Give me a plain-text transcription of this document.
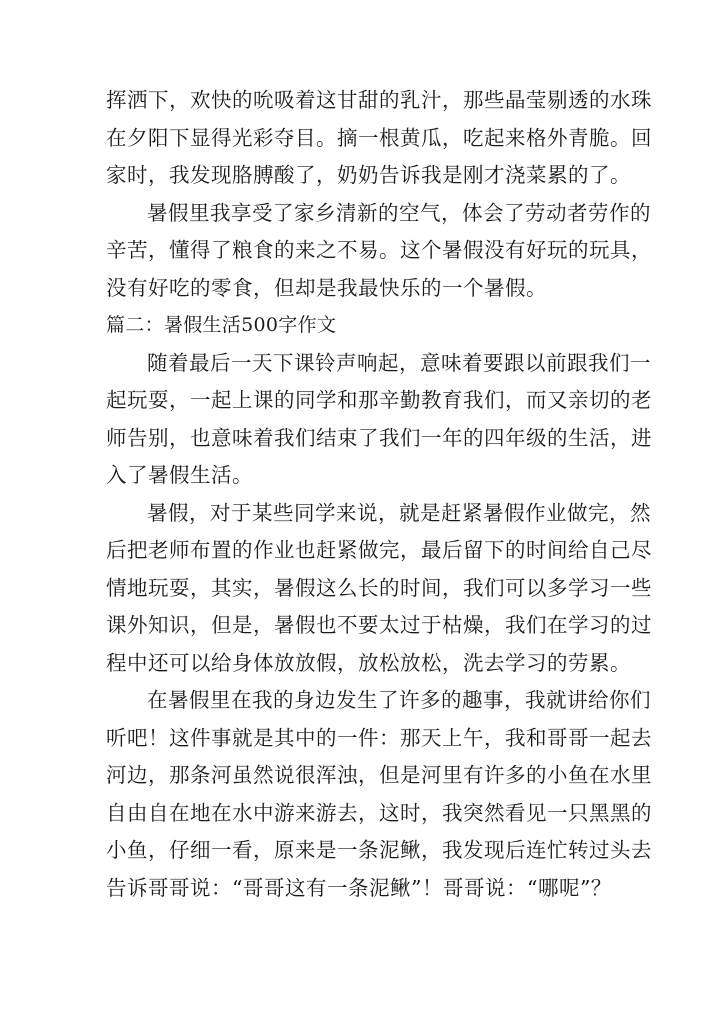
挥洒下，欢快的吮吸着这甘甜的乳汁，那些晶莹剔透的水珠
在夕阳下显得光彩夺目。摘一根黄瓜，吃起来格外青脆。回
家时，我发现胳膊酸了，奶奶告诉我是刚才浇菜累的了。
暑假里我享受了家乡清新的空气，体会了劳动者劳作的
辛苦，懂得了粮食的来之不易。这个暑假没有好玩的玩具，
没有好吃的零食，但却是我最快乐的一个暑假。
篇二：暑假生活500字作文
随着最后一天下课铃声响起，意味着要跟以前跟我们一
起玩耍，一起上课的同学和那辛勤教育我们，而又亲切的老
师告别，也意味着我们结束了我们一年的四年级的生活，进
入了暑假生活。
暑假，对于某些同学来说，就是赶紧暑假作业做完，然
后把老师布置的作业也赶紧做完，最后留下的时间给自己尽
情地玩耍，其实，暑假这么长的时间，我们可以多学习一些
课外知识，但是，暑假也不要太过于枯燥，我们在学习的过
程中还可以给身体放放假，放松放松，洗去学习的劳累。
在暑假里在我的身边发生了许多的趣事，我就讲给你们
听吧！这件事就是其中的一件：那天上午，我和哥哥一起去
河边，那条河虽然说很浑浊，但是河里有许多的小鱼在水里
自由自在地在水中游来游去，这时，我突然看见一只黑黑的
小鱼，仔细一看，原来是一条泥鳅，我发现后连忙转过头去
告诉哥哥说：“哥哥这有一条泥鳅”！哥哥说：“哪呢”？
